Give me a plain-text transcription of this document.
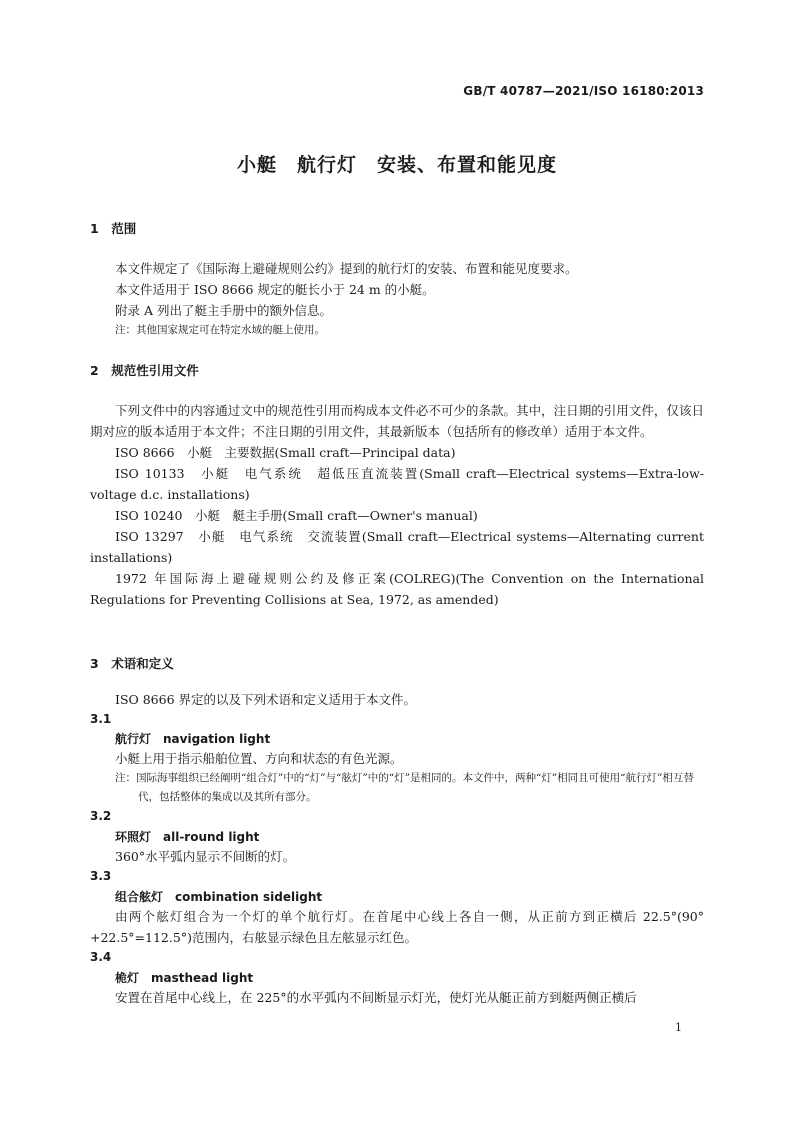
GB/T 40787—2021/ISO 16180:2013
小艇　航行灯　安装、布置和能见度
1　范围
本文件规定了《国际海上避碰规则公约》提到的航行灯的安装、布置和能见度要求。
本文件适用于 ISO 8666 规定的艇长小于 24 m 的小艇。
附录 A 列出了艇主手册中的额外信息。
注：其他国家规定可在特定水域的艇上使用。
2　规范性引用文件
下列文件中的内容通过文中的规范性引用而构成本文件必不可少的条款。其中，注日期的引用文件，仅该日期对应的版本适用于本文件；不注日期的引用文件，其最新版本（包括所有的修改单）适用于本文件。
ISO 8666　小艇　主要数据(Small craft—Principal data)
ISO 10133　小艇　电气系统　超低压直流装置(Small craft—Electrical systems—Extra-low-voltage d.c. installations)
ISO 10240　小艇　艇主手册(Small craft—Owner's manual)
ISO 13297　小艇　电气系统　交流装置(Small craft—Electrical systems—Alternating current installations)
1972 年国际海上避碰规则公约及修正案(COLREG)(The Convention on the International Regulations for Preventing Collisions at Sea, 1972, as amended)
3　术语和定义
ISO 8666 界定的以及下列术语和定义适用于本文件。
3.1
航行灯　navigation light
小艇上用于指示船舶位置、方向和状态的有色光源。
注：国际海事组织已经阐明“组合灯”中的“灯”与“舷灯”中的“灯”是相同的。本文件中，两种“灯”相同且可使用“航行灯”相互替代，包括整体的集成以及其所有部分。
3.2
环照灯　all-round light
360°水平弧内显示不间断的灯。
3.3
组合舷灯　combination sidelight
由两个舷灯组合为一个灯的单个航行灯。在首尾中心线上各自一侧，从正前方到正横后 22.5°(90°+22.5°=112.5°)范围内，右舷显示绿色且左舷显示红色。
3.4
桅灯　masthead light
安置在首尾中心线上，在 225°的水平弧内不间断显示灯光，使灯光从艇正前方到艇两侧正横后
1
